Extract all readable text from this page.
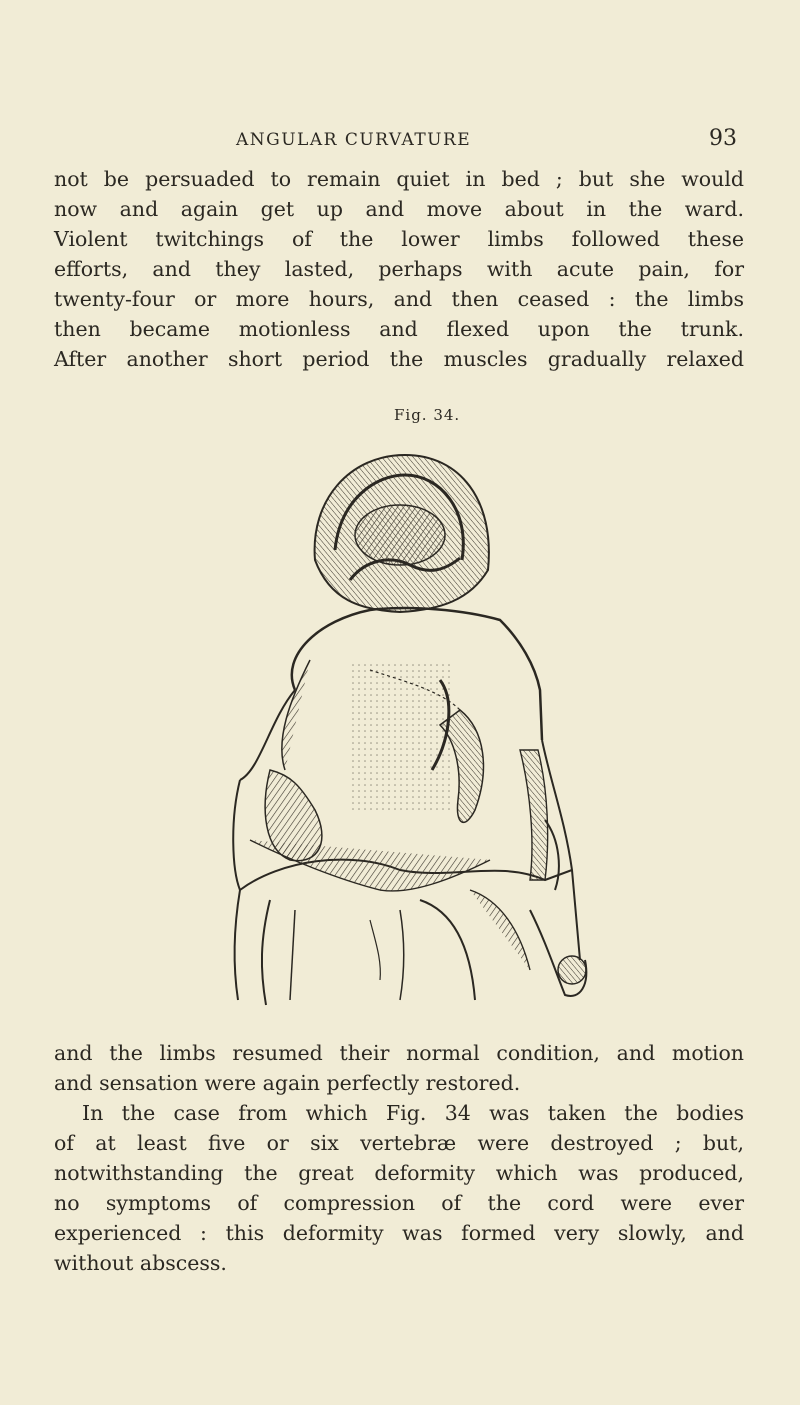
ANGULAR CURVATURE	93
not be persuaded to remain quiet in bed ; but she would
now and again get up and move about in the ward.
Violent twitchings of the lower limbs followed these
efforts, and they lasted, perhaps with acute pain, for
twenty-four or more hours, and then ceased : the limbs
then became motionless and flexed upon the trunk.
After another short period the muscles gradually relaxed
Fig. 34.
and the limbs resumed their normal condition, and motion
and sensation were again perfectly restored.
In the case from which Fig. 34 was taken the bodies
of at least five or six vertebræ were destroyed ; but,
notwithstanding the great deformity which was produced,
no symptoms of compression of the cord were ever
experienced : this deformity was formed very slowly, and
without abscess.
